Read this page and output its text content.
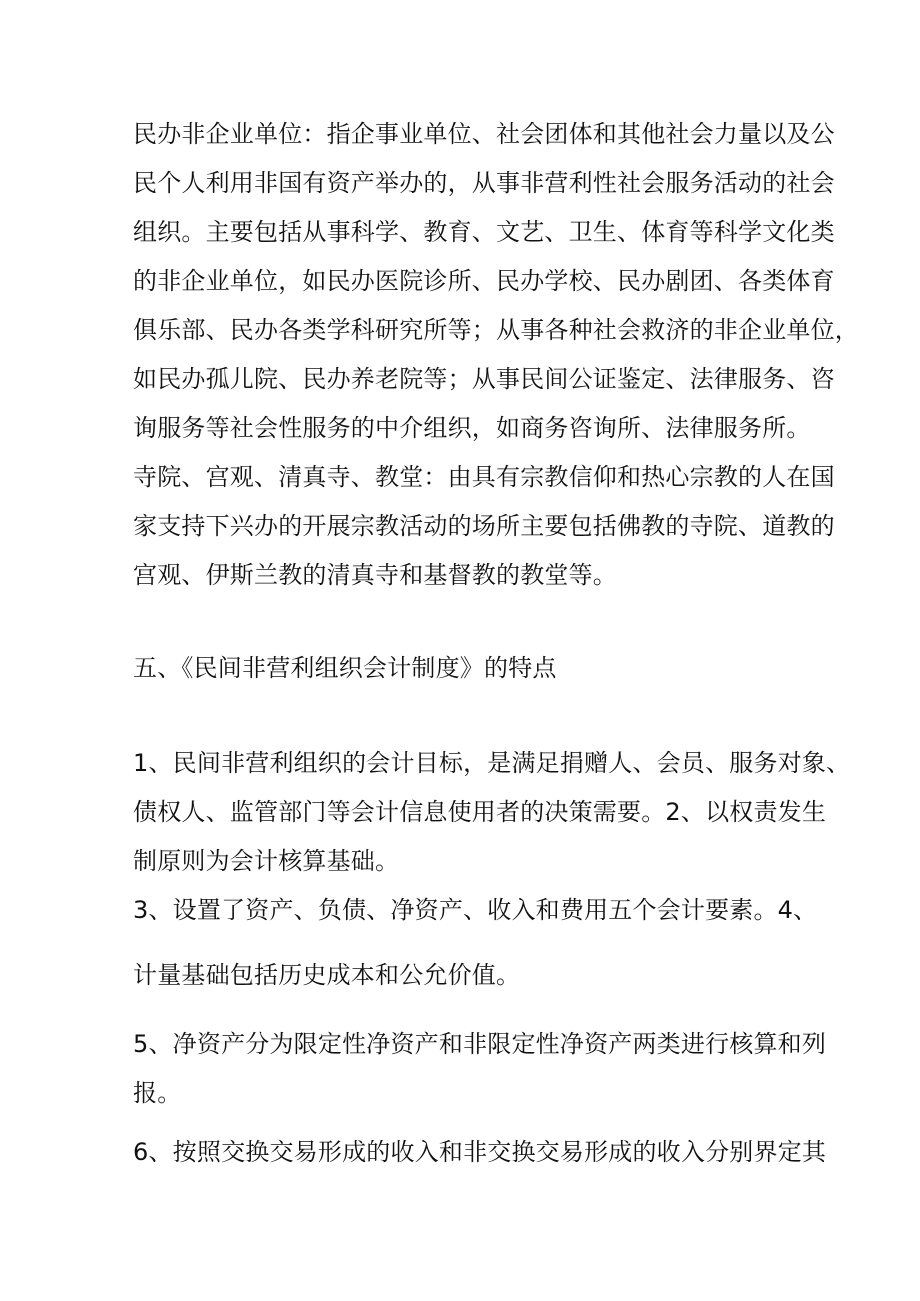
民办非企业单位：指企事业单位、社会团体和其他社会力量以及公
民个人利用非国有资产举办的，从事非营利性社会服务活动的社会
组织。主要包括从事科学、教育、文艺、卫生、体育等科学文化类
的非企业单位，如民办医院诊所、民办学校、民办剧团、各类体育
俱乐部、民办各类学科研究所等；从事各种社会救济的非企业单位，
如民办孤儿院、民办养老院等；从事民间公证鉴定、法律服务、咨
询服务等社会性服务的中介组织，如商务咨询所、法律服务所。
寺院、宫观、清真寺、教堂：由具有宗教信仰和热心宗教的人在国
家支持下兴办的开展宗教活动的场所主要包括佛教的寺院、道教的
宫观、伊斯兰教的清真寺和基督教的教堂等。
五、《民间非营利组织会计制度》的特点
1、民间非营利组织的会计目标，是满足捐赠人、会员、服务对象、
债权人、监管部门等会计信息使用者的决策需要。2、以权责发生
制原则为会计核算基础。
3、设置了资产、负债、净资产、收入和费用五个会计要素。4、
计量基础包括历史成本和公允价值。
5、净资产分为限定性净资产和非限定性净资产两类进行核算和列
报。
6、按照交换交易形成的收入和非交换交易形成的收入分别界定其
